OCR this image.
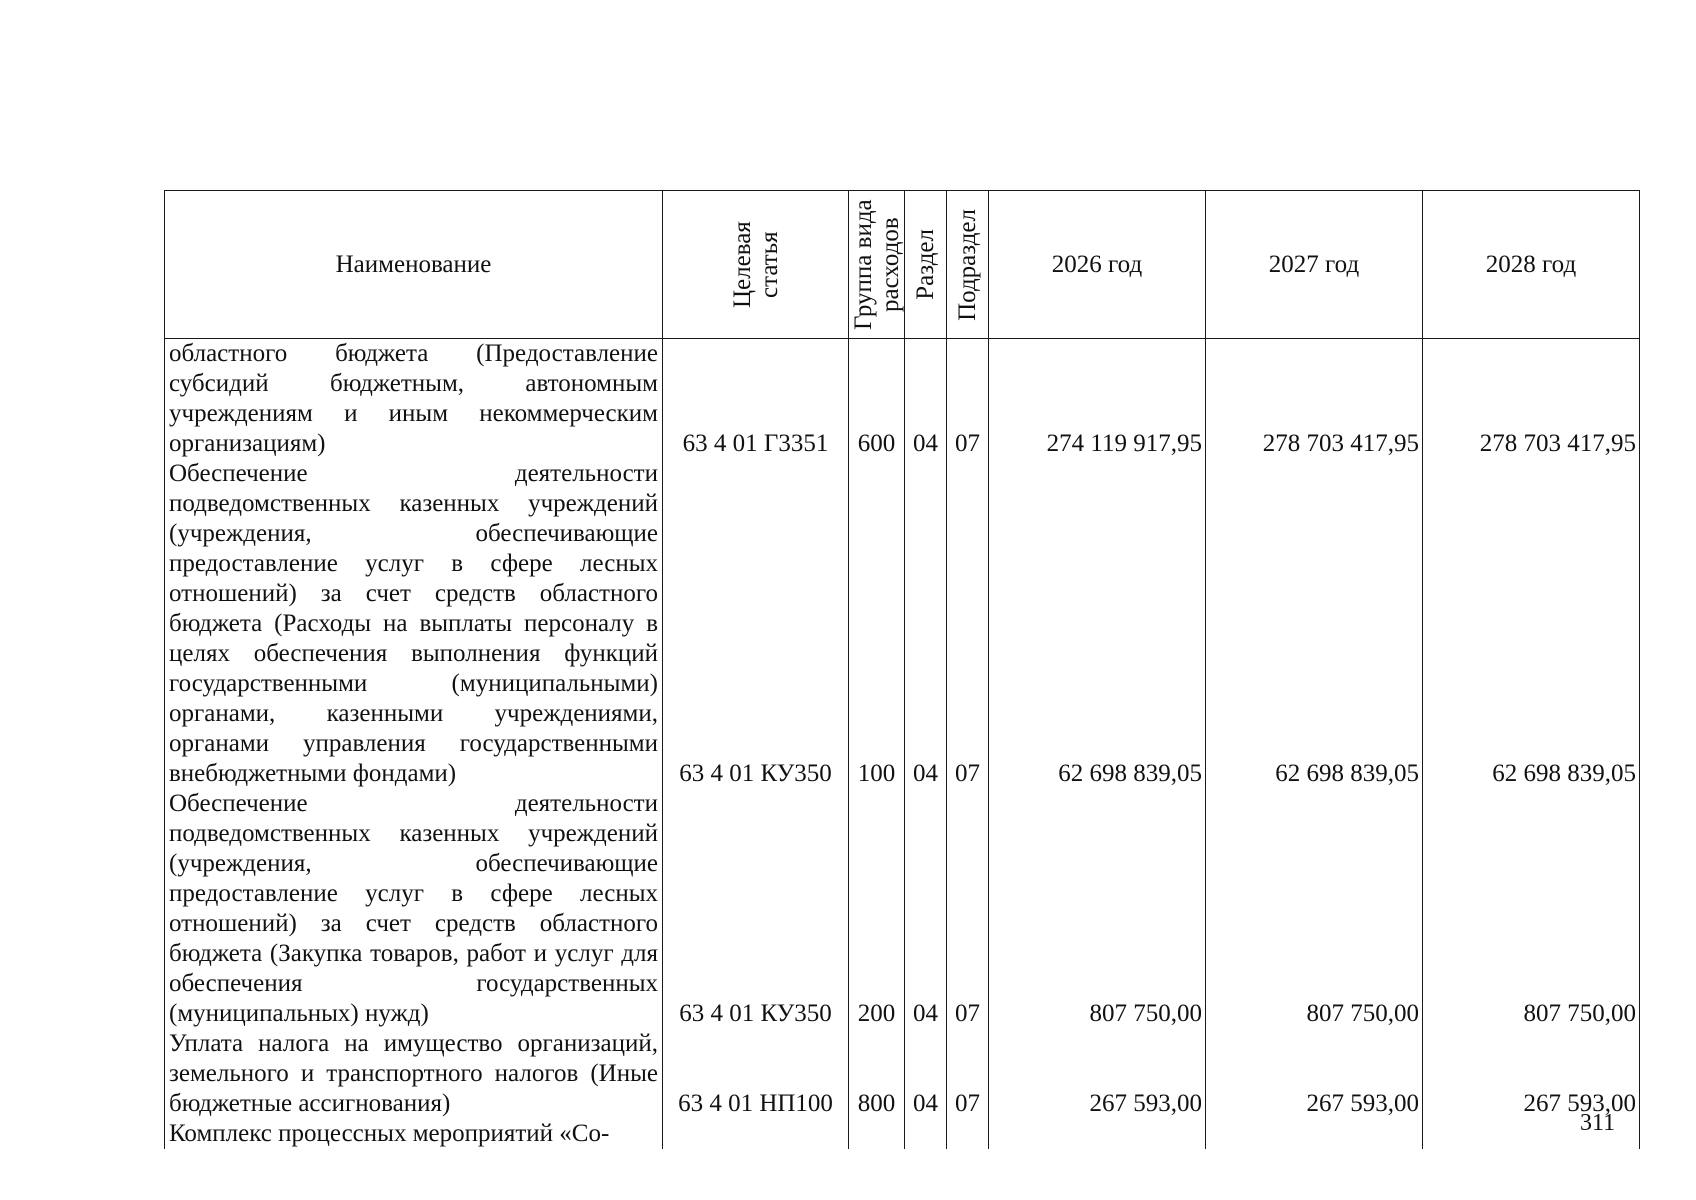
Наименование	Целевая статья	Группа вида расходов	Раздел	Подраздел	2026 год	2027 год	2028 год
областного бюджета (Предоставление субсидий бюджетным, автономным учреждениям и иным некоммерческим организациям)	63 4 01 Г3351	600	04	07	274 119 917,95	278 703 417,95	278 703 417,95
Обеспечение деятельности подведомственных казенных учреждений (учреждения, обеспечивающие предоставление услуг в сфере лесных отношений) за счет средств областного бюджета (Расходы на выплаты персоналу в целях обеспечения выполнения функций государственными (муниципальными) органами, казенными учреждениями, органами управления государственными внебюджетными фондами)	63 4 01 КУ350	100	04	07	62 698 839,05	62 698 839,05	62 698 839,05
Обеспечение деятельности подведомственных казенных учреждений (учреждения, обеспечивающие предоставление услуг в сфере лесных отношений) за счет средств областного бюджета (Закупка товаров, работ и услуг для обеспечения государственных (муниципальных) нужд)	63 4 01 КУ350	200	04	07	807 750,00	807 750,00	807 750,00
Уплата налога на имущество организаций, земельного и транспортного налогов (Иные бюджетные ассигнования)	63 4 01 НП100	800	04	07	267 593,00	267 593,00	267 593,00
Комплекс процессных мероприятий «Со-								311
